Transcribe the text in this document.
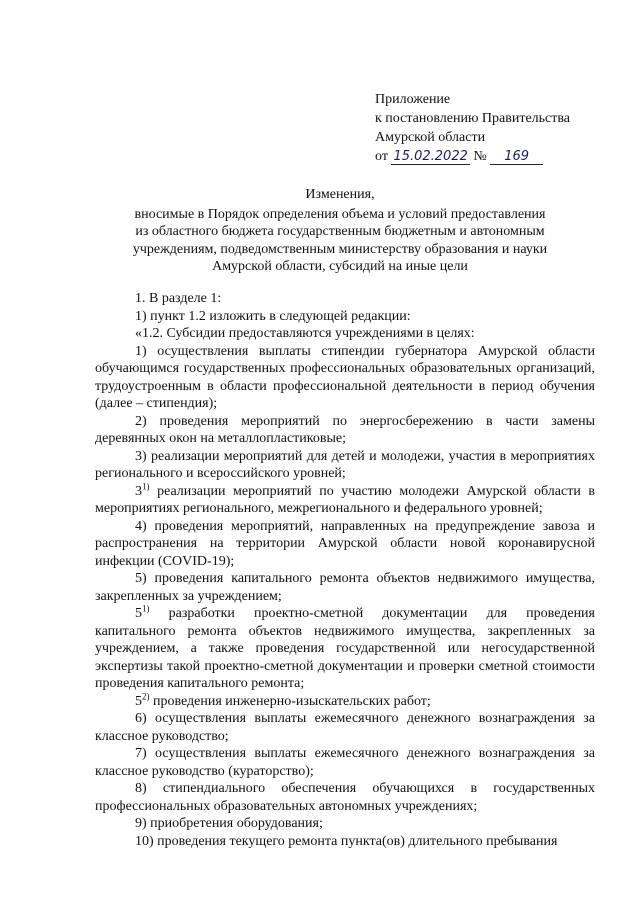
Приложение
к постановлению Правительства
Амурской области
от 15.02.2022 № 169
Изменения,
вносимые в Порядок определения объема и условий предоставления
из областного бюджета государственным бюджетным и автономным
учреждениям, подведомственным министерству образования и науки
Амурской области, субсидий на иные цели

1. В разделе 1:

1) пункт 1.2 изложить в следующей редакции:

«1.2. Субсидии предоставляются учреждениями в целях:

1) осуществления выплаты стипендии губернатора Амурской области обучающимся государственных профессиональных образовательных организаций, трудоустроенным в области профессиональной деятельности в период обучения (далее – стипендия);

2) проведения мероприятий по энергосбережению в части замены деревянных окон на металлопластиковые;

3) реализации мероприятий для детей и молодежи, участия в мероприятиях регионального и всероссийского уровней;

3$^{1)}$ реализации мероприятий по участию молодежи Амурской области в мероприятиях регионального, межрегионального и федерального уровней;

4) проведения мероприятий, направленных на предупреждение завоза и распространения на территории Амурской области новой коронавирусной инфекции (COVID-19);

5) проведения капитального ремонта объектов недвижимого имущества, закрепленных за учреждением;

5$^{1)}$ разработки проектно-сметной документации для проведения капитального ремонта объектов недвижимого имущества, закрепленных за учреждением, а также проведения государственной или негосударственной экспертизы такой проектно-сметной документации и проверки сметной стоимости проведения капитального ремонта;

5$^{2)}$ проведения инженерно-изыскательских работ;

6) осуществления выплаты ежемесячного денежного вознаграждения за классное руководство;

7) осуществления выплаты ежемесячного денежного вознаграждения за классное руководство (кураторство);

8) стипендиального обеспечения обучающихся в государственных профессиональных образовательных автономных учреждениях;

9) приобретения оборудования;

10) проведения текущего ремонта пункта(ов) длительного пребывания
